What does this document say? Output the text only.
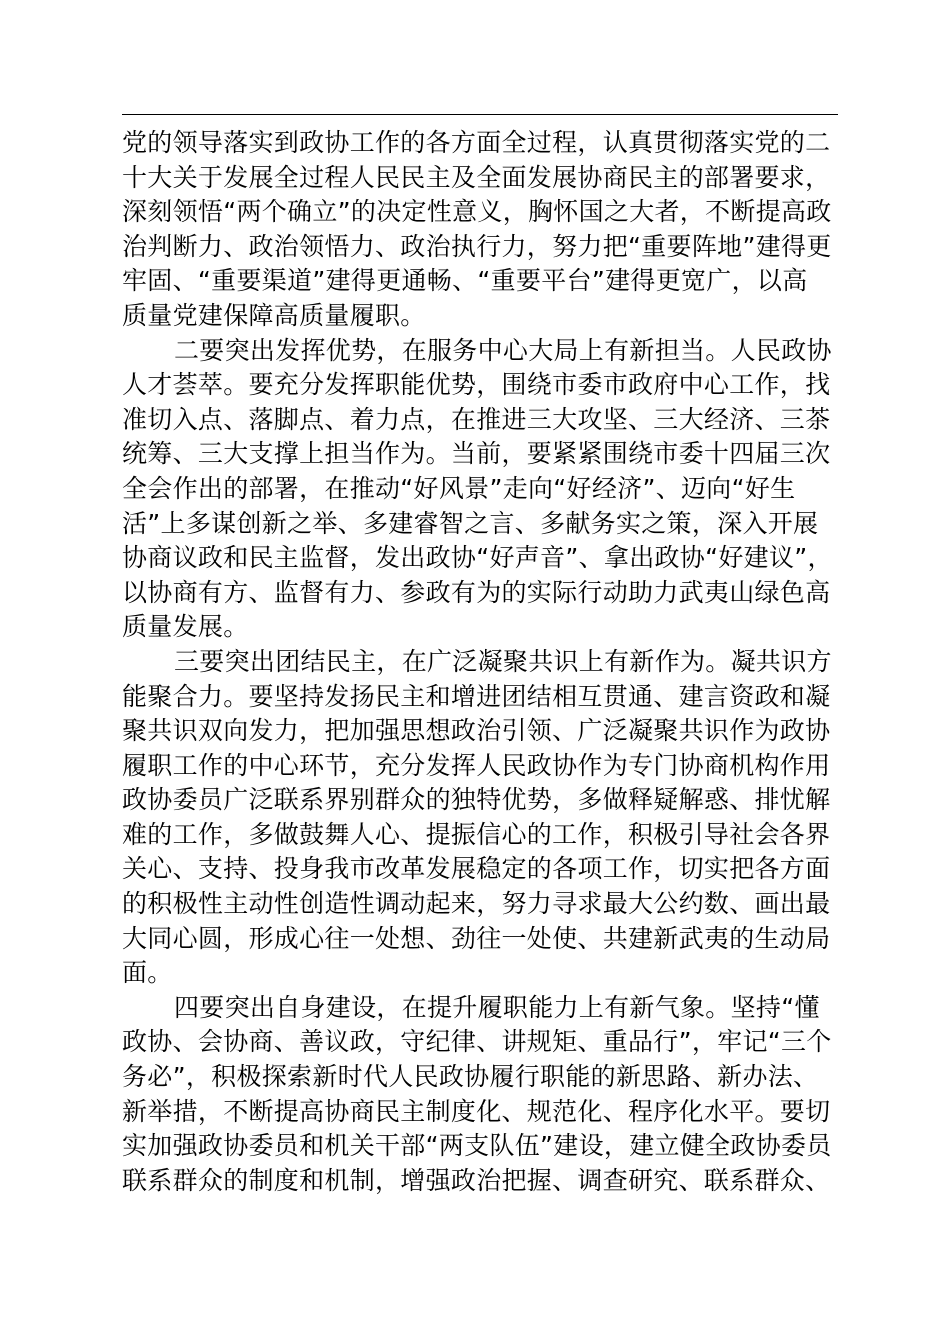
党的领导落实到政协工作的各方面全过程，认真贯彻落实党的二
十大关于发展全过程人民民主及全面发展协商民主的部署要求，
深刻领悟“两个确立”的决定性意义，胸怀国之大者，不断提高政
治判断力、政治领悟力、政治执行力，努力把“重要阵地”建得更
牢固、“重要渠道”建得更通畅、“重要平台”建得更宽广，以高
质量党建保障高质量履职。
二要突出发挥优势，在服务中心大局上有新担当。人民政协
人才荟萃。要充分发挥职能优势，围绕市委市政府中心工作，找
准切入点、落脚点、着力点，在推进三大攻坚、三大经济、三茶
统筹、三大支撑上担当作为。当前，要紧紧围绕市委十四届三次
全会作出的部署，在推动“好风景”走向“好经济”、迈向“好生
活”上多谋创新之举、多建睿智之言、多献务实之策，深入开展
协商议政和民主监督，发出政协“好声音”、拿出政协“好建议”，
以协商有方、监督有力、参政有为的实际行动助力武夷山绿色高
质量发展。
三要突出团结民主，在广泛凝聚共识上有新作为。凝共识方
能聚合力。要坚持发扬民主和增进团结相互贯通、建言资政和凝
聚共识双向发力，把加强思想政治引领、广泛凝聚共识作为政协
履职工作的中心环节，充分发挥人民政协作为专门协商机构作用
政协委员广泛联系界别群众的独特优势，多做释疑解惑、排忧解
难的工作，多做鼓舞人心、提振信心的工作，积极引导社会各界
关心、支持、投身我市改革发展稳定的各项工作，切实把各方面
的积极性主动性创造性调动起来，努力寻求最大公约数、画出最
大同心圆，形成心往一处想、劲往一处使、共建新武夷的生动局
面。
四要突出自身建设，在提升履职能力上有新气象。坚持“懂
政协、会协商、善议政，守纪律、讲规矩、重品行”，牢记“三个
务必”，积极探索新时代人民政协履行职能的新思路、新办法、
新举措，不断提高协商民主制度化、规范化、程序化水平。要切
实加强政协委员和机关干部“两支队伍”建设，建立健全政协委员
联系群众的制度和机制，增强政治把握、调查研究、联系群众、
